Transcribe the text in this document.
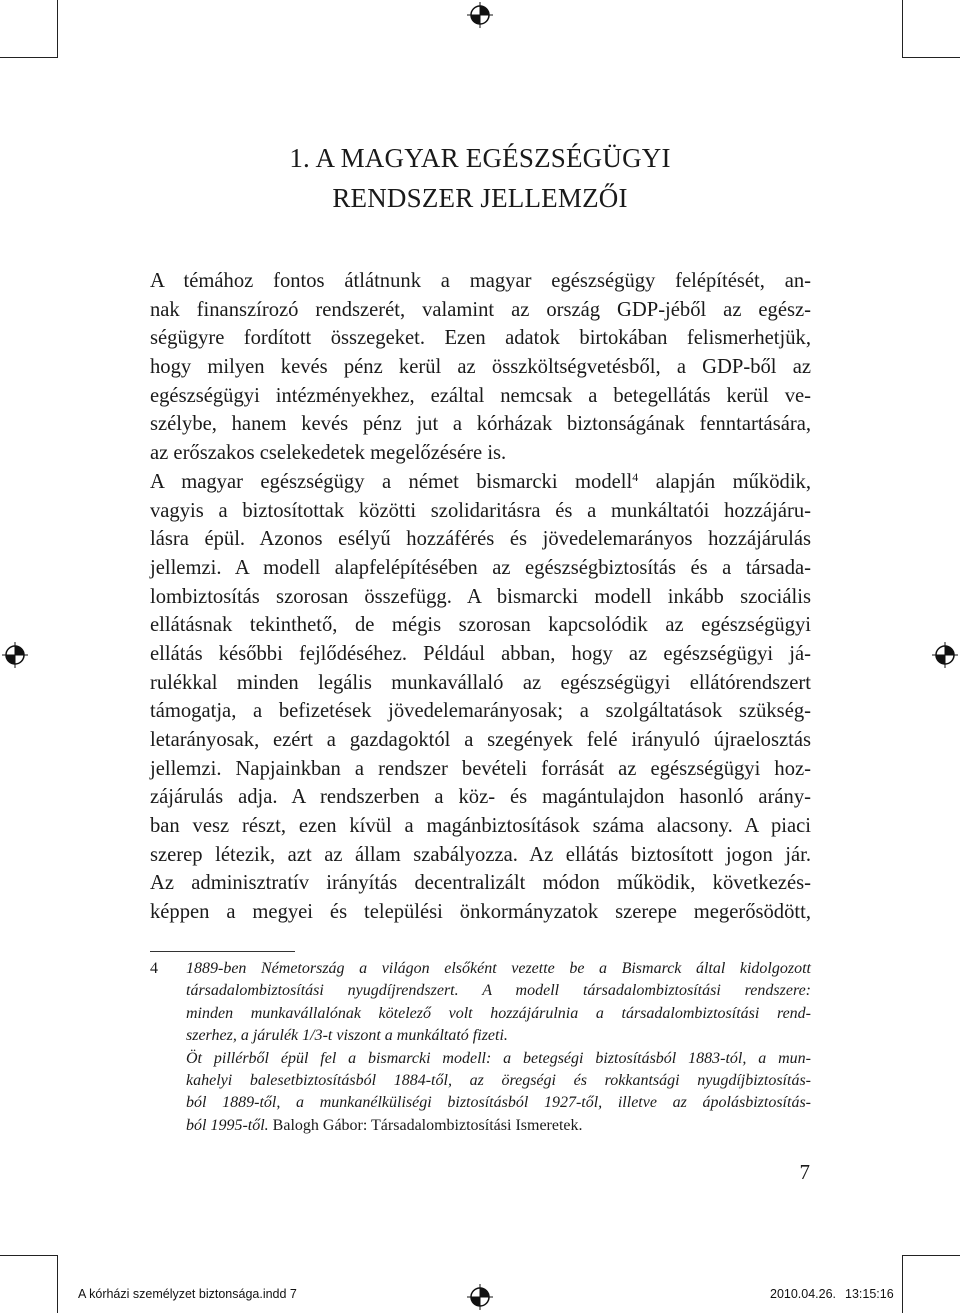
1. A MAGYAR EGÉSZSÉGÜGYI
RENDSZER JELLEMZŐI
A témához fontos átlátnunk a magyar egészségügy felépítését, an-
nak finanszírozó rendszerét, valamint az ország GDP-jéből az egész-
ségügyre fordított összegeket. Ezen adatok birtokában felismerhetjük,
hogy milyen kevés pénz kerül az összköltségvetésből, a GDP-ből az
egészségügyi intézményekhez, ezáltal nemcsak a betegellátás kerül ve-
szélybe, hanem kevés pénz jut a kórházak biztonságának fenntartására,
az erőszakos cselekedetek megelőzésére is.
A magyar egészségügy a német bismarcki modell$^4$ alapján működik,
vagyis a biztosítottak közötti szolidaritásra és a munkáltatói hozzájáru-
lásra épül. Azonos esélyű hozzáférés és jövedelemarányos hozzájárulás
jellemzi. A modell alapfelépítésében az egészségbiztosítás és a társada-
lombiztosítás szorosan összefügg. A bismarcki modell inkább szociális
ellátásnak tekinthető, de mégis szorosan kapcsolódik az egészségügyi
ellátás későbbi fejlődéséhez. Például abban, hogy az egészségügyi já-
rulékkal minden legális munkavállaló az egészségügyi ellátórendszert
támogatja, a befizetések jövedelemarányosak; a szolgáltatások szükség-
letarányosak, ezért a gazdagoktól a szegények felé irányuló újraelosztás
jellemzi. Napjainkban a rendszer bevételi forrását az egészségügyi hoz-
zájárulás adja. A rendszerben a köz- és magántulajdon hasonló arány-
ban vesz részt, ezen kívül a magánbiztosítások száma alacsony. A piaci
szerep létezik, azt az állam szabályozza. Az ellátás biztosított jogon jár.
Az adminisztratív irányítás decentralizált módon működik, következés-
képpen a megyei és települési önkormányzatok szerepe megerősödött,
4 1889-ben Németország a világon elsőként vezette be a Bismarck által kidolgozott
társadalombiztosítási nyugdíjrendszert. A modell társadalombiztosítási rendszere:
minden munkavállalónak kötelező volt hozzájárulnia a társadalombiztosítási rend-
szerhez, a járulék 1/3-t viszont a munkáltató fizeti.
Öt pillérből épül fel a bismarcki modell: a betegségi biztosításból 1883-tól, a mun-
kahelyi balesetbiztosításból 1884-től, az öregségi és rokkantsági nyugdíjbiztosítás-
ból 1889-től, a munkanélküliségi biztosításból 1927-től, illetve az ápolásbiztosítás-
ból 1995-től. Balogh Gábor: Társadalombiztosítási Ismeretek.
7
A kórházi személyzet biztonsága.indd 7	2010.04.26. 13:15:16
